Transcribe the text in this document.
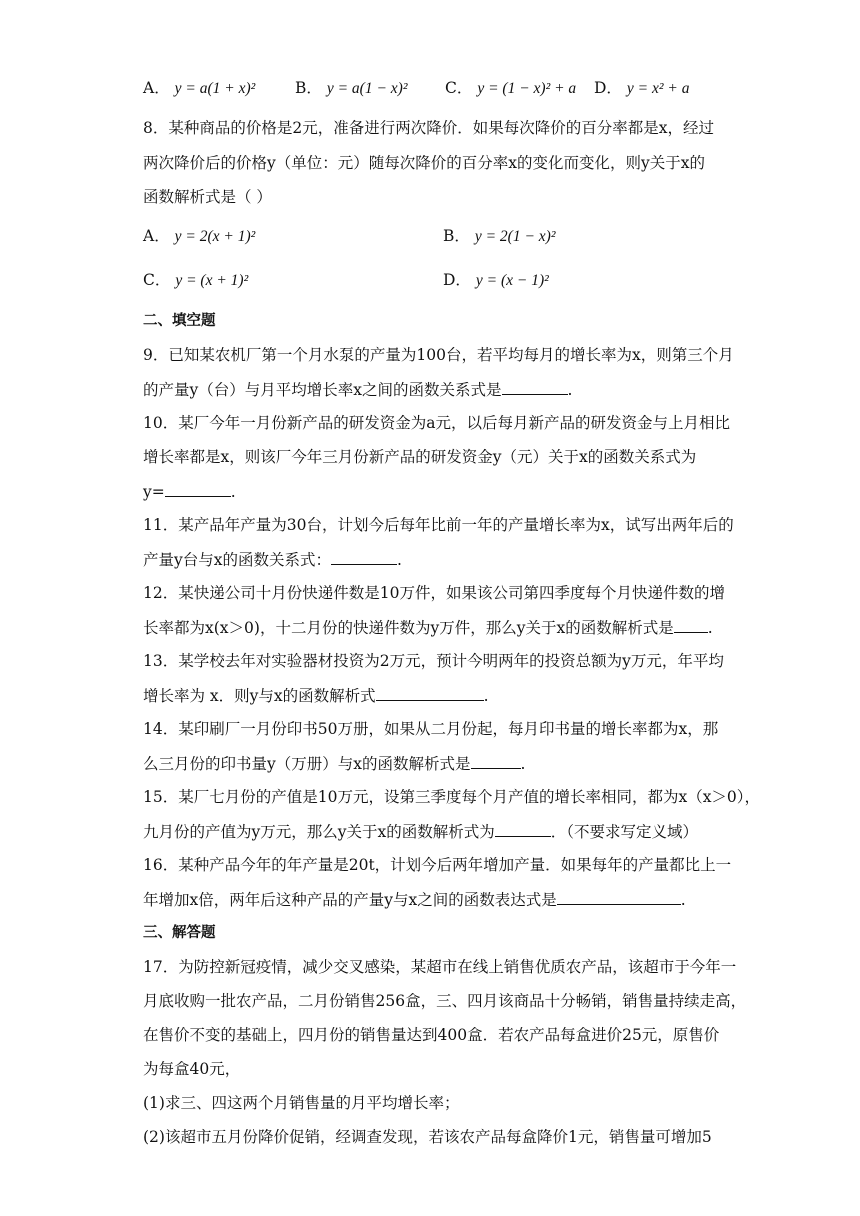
A． y = a(1 + x)²	B． y = a(1 − x)² C． y = (1 − x)² + a D． y = x² + a
8．某种商品的价格是2元，准备进行两次降价．如果每次降价的百分率都是x，经过
两次降价后的价格y（单位：元）随每次降价的百分率x的变化而变化，则y关于x的
函数解析式是（ ）
A． y = 2(x + 1)²	B． y = 2(1 − x)²
C． y = (x + 1)²	D． y = (x − 1)²
二、填空题
9．已知某农机厂第一个月水泵的产量为100台，若平均每月的增长率为x，则第三个月
的产量y（台）与月平均增长率x之间的函数关系式是	.
10．某厂今年一月份新产品的研发资金为a元，以后每月新产品的研发资金与上月相比
增长率都是x，则该厂今年三月份新产品的研发资金y（元）关于x的函数关系式为
y=	.
11．某产品年产量为30台，计划今后每年比前一年的产量增长率为x，试写出两年后的
产量y台与x的函数关系式：	.
12．某快递公司十月份快递件数是10万件，如果该公司第四季度每个月快递件数的增
长率都为x(x＞0)，十二月份的快递件数为y万件，那么y关于x的函数解析式是 .
13．某学校去年对实验器材投资为2万元，预计今明两年的投资总额为y万元，年平均
增长率为 x．则y与x的函数解析式	.
14．某印刷厂一月份印书50万册，如果从二月份起，每月印书量的增长率都为x，那
么三月份的印书量y（万册）与x的函数解析式是	.
15．某厂七月份的产值是10万元，设第三季度每个月产值的增长率相同，都为x（x＞0），
九月份的产值为y万元，那么y关于x的函数解析式为	．（不要求写定义域）
16．某种产品今年的年产量是20t，计划今后两年增加产量．如果每年的产量都比上一
年增加x倍，两年后这种产品的产量y与x之间的函数表达式是	.
三、解答题
17．为防控新冠疫情，减少交叉感染，某超市在线上销售优质农产品，该超市于今年一
月底收购一批农产品，二月份销售256盒，三、四月该商品十分畅销，销售量持续走高，
在售价不变的基础上，四月份的销售量达到400盒．若农产品每盒进价25元，原售价
为每盒40元，
(1)求三、四这两个月销售量的月平均增长率；
(2)该超市五月份降价促销，经调查发现，若该农产品每盒降价1元，销售量可增加5
